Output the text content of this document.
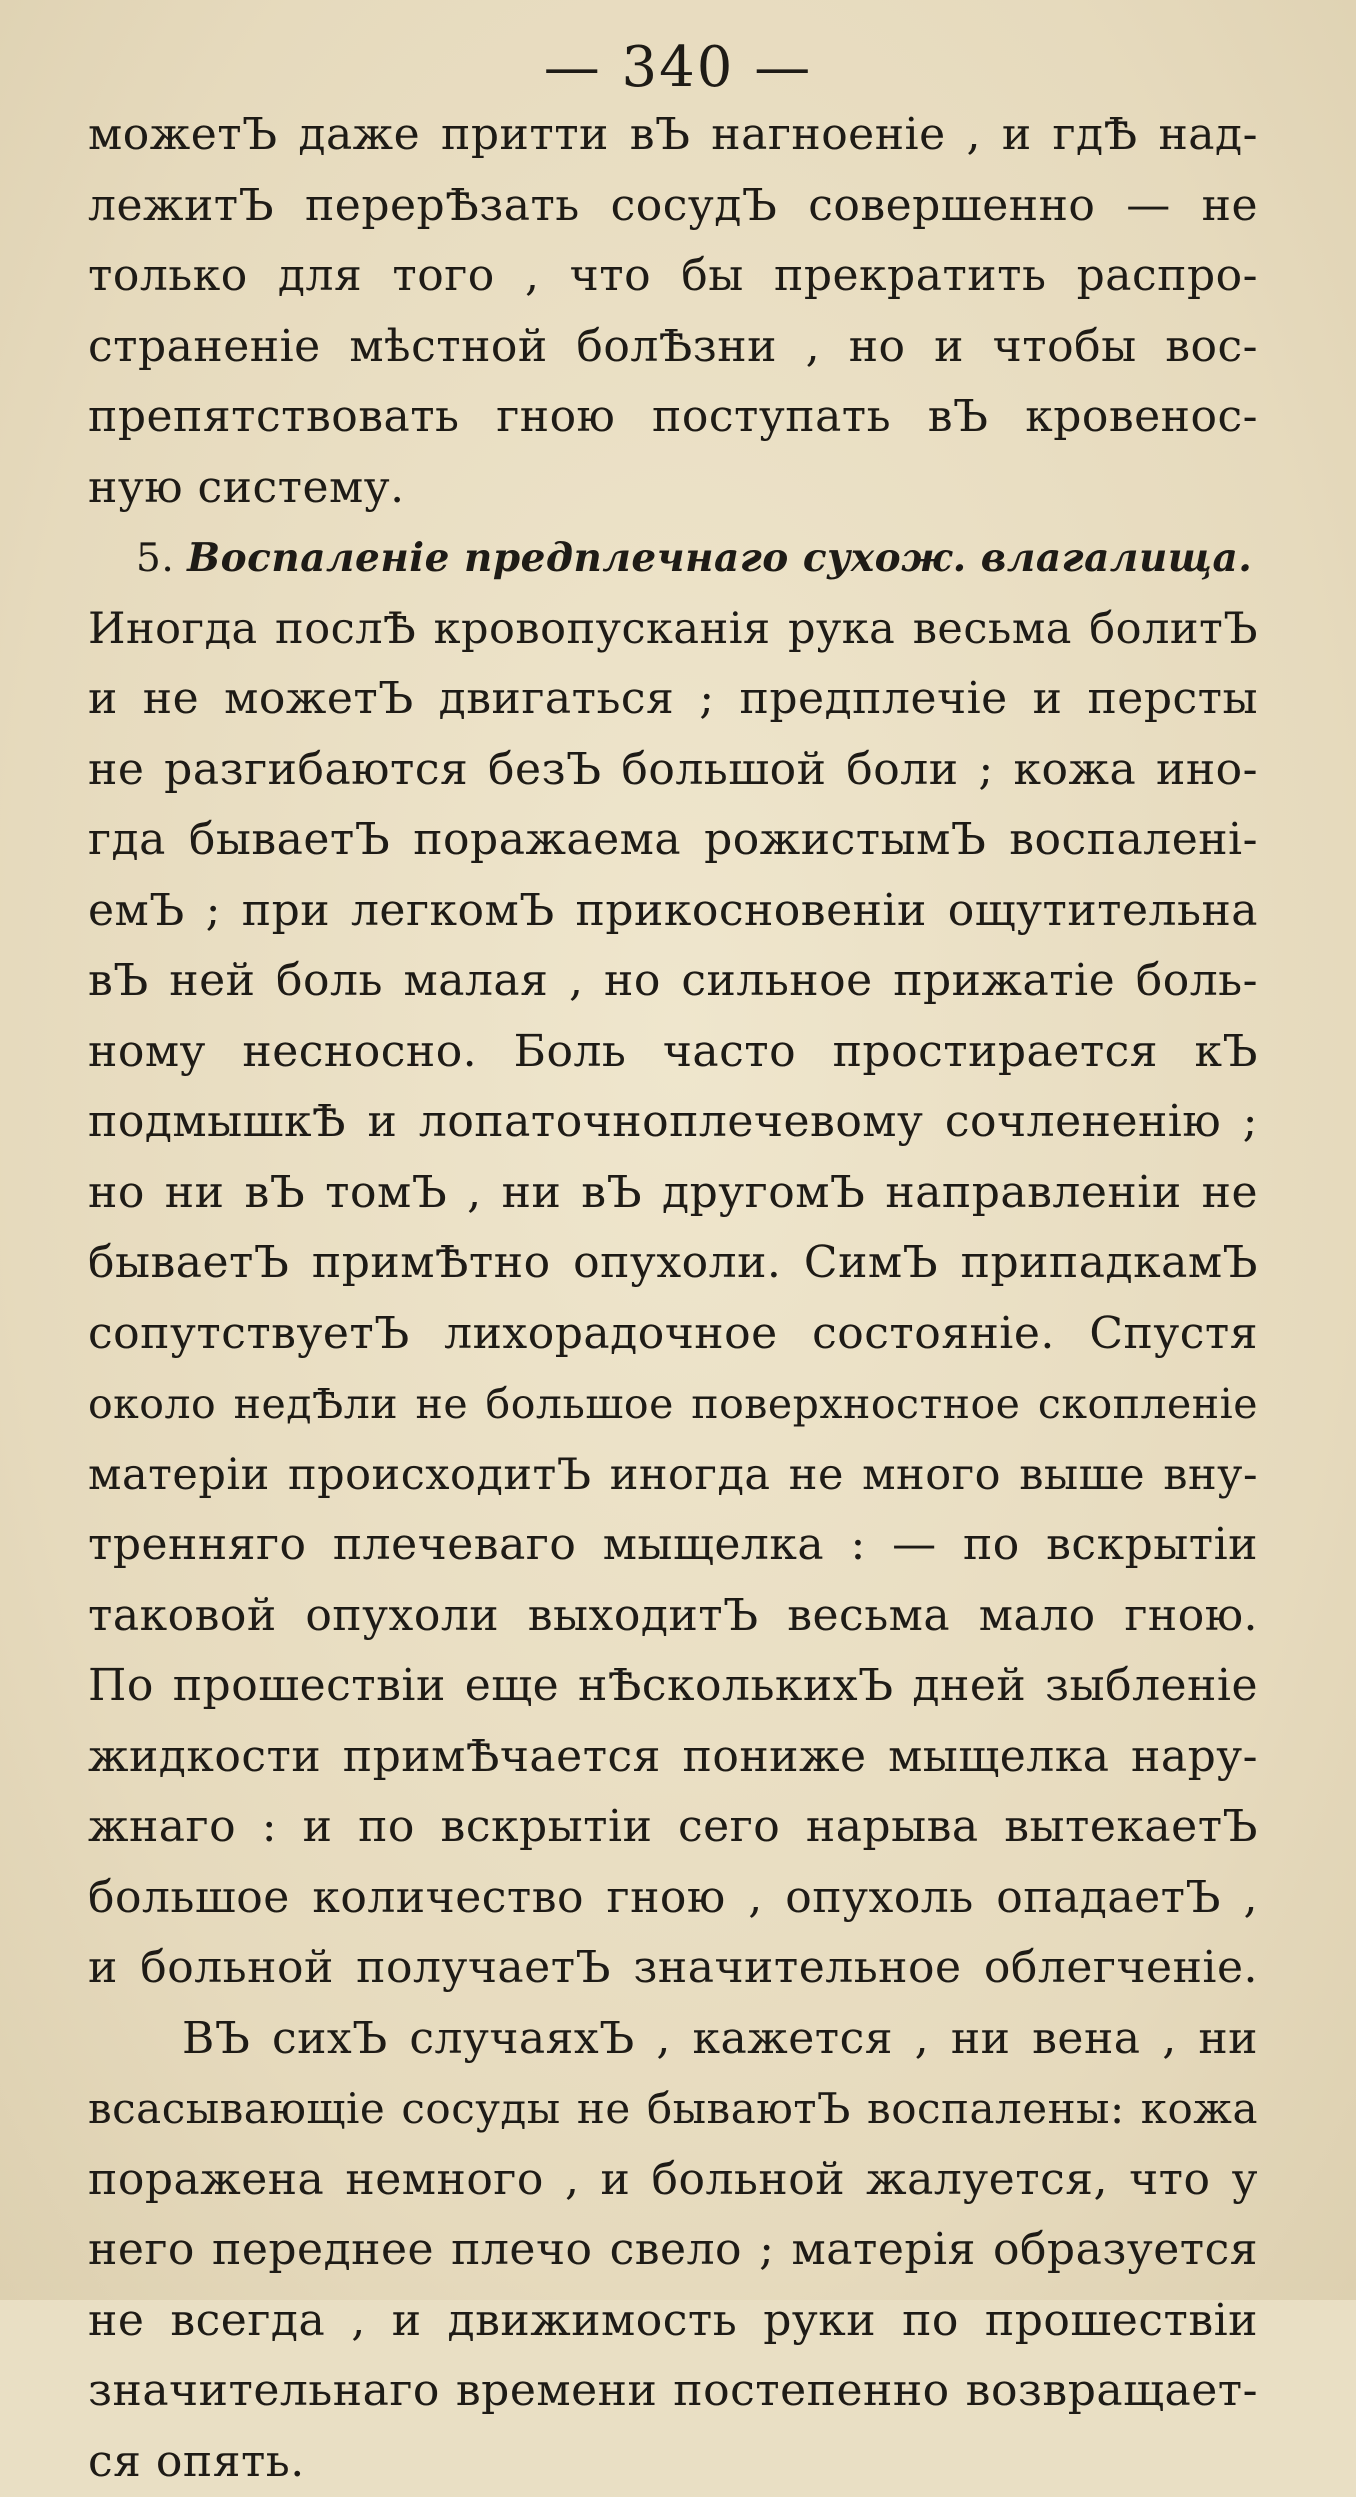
— 340 —
можетЪ даже притти вЪ нагноеніе , и гдѢ над-
лежитЪ перерѢзать сосудЪ совершенно — не
только для того , что бы прекратить распро-
страненіе мѣстной болѢзни , но и чтобы вос-
препятствовать гною поступать вЪ кровенос-
ную систему.
5. Воспаленіе предплечнаго сухож. влагалища.
Иногда послѢ кровопусканія рука весьма болитЪ
и не можетЪ двигаться ; предплечіе и персты
не разгибаются безЪ большой боли ; кожа ино-
гда бываетЪ поражаема рожистымЪ воспалені-
емЪ ; при легкомЪ прикосновеніи ощутительна
вЪ ней боль малая , но сильное прижатіе боль-
ному несносно. Боль часто простирается кЪ
подмышкѢ и лопаточноплечевому сочлененію ;
но ни вЪ томЪ , ни вЪ другомЪ направленіи не
бываетЪ примѢтно опухоли. СимЪ припадкамЪ
сопутствуетЪ лихорадочное состояніе. Спустя
около недѢли не большое поверхностное скопленіе
матеріи происходитЪ иногда не много выше вну-
тренняго плечеваго мыщелка : — по вскрытіи
таковой опухоли выходитЪ весьма мало гною.
По прошествіи еще нѢсколькихЪ дней зыбленіе
жидкости примѢчается пониже мыщелка нару-
жнаго : и по вскрытіи сего нарыва вытекаетЪ
большое количество гною , опухоль опадаетЪ ,
и больной получаетЪ значительное облегченіе.
ВЪ сихЪ случаяхЪ , кажется , ни вена , ни
всасывающіе сосуды не бываютЪ воспалены: кожа
поражена немного , и больной жалуется, что у
него переднее плечо свело ; матерія образуется
не всегда , и движимость руки по прошествіи
значительнаго времени постепенно возвращает-
ся опять.
